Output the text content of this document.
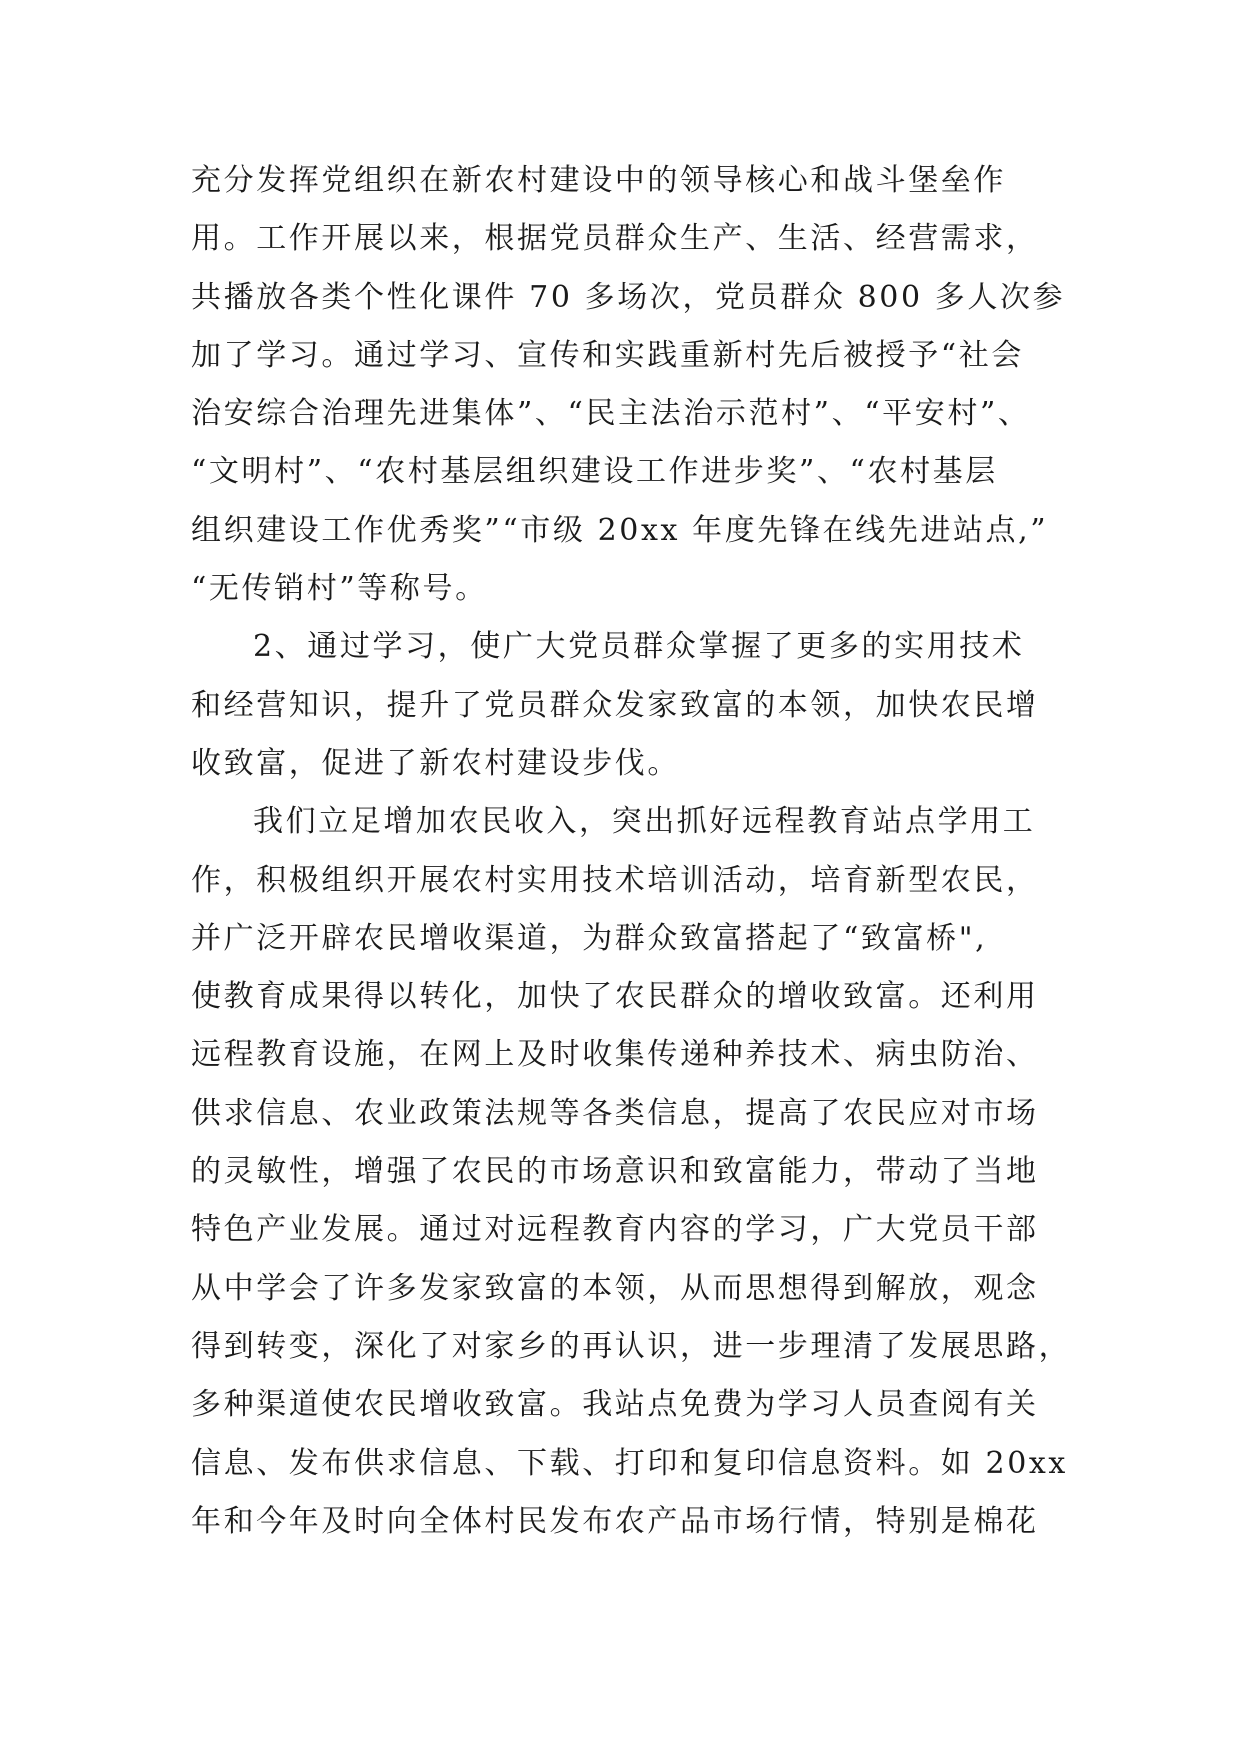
充分发挥党组织在新农村建设中的领导核心和战斗堡垒作
用。工作开展以来，根据党员群众生产、生活、经营需求，
共播放各类个性化课件 70 多场次，党员群众 800 多人次参
加了学习。通过学习、宣传和实践重新村先后被授予“社会
治安综合治理先进集体”、“民主法治示范村”、“平安村”、
“文明村”、“农村基层组织建设工作进步奖”、“农村基层
组织建设工作优秀奖”“市级 20xx 年度先锋在线先进站点,”
“无传销村”等称号。
2、通过学习，使广大党员群众掌握了更多的实用技术
和经营知识，提升了党员群众发家致富的本领，加快农民增
收致富，促进了新农村建设步伐。
我们立足增加农民收入，突出抓好远程教育站点学用工
作，积极组织开展农村实用技术培训活动，培育新型农民，
并广泛开辟农民增收渠道，为群众致富搭起了“致富桥",
使教育成果得以转化，加快了农民群众的增收致富。还利用
远程教育设施，在网上及时收集传递种养技术、病虫防治、
供求信息、农业政策法规等各类信息，提高了农民应对市场
的灵敏性，增强了农民的市场意识和致富能力，带动了当地
特色产业发展。通过对远程教育内容的学习，广大党员干部
从中学会了许多发家致富的本领，从而思想得到解放，观念
得到转变，深化了对家乡的再认识，进一步理清了发展思路，
多种渠道使农民增收致富。我站点免费为学习人员查阅有关
信息、发布供求信息、下载、打印和复印信息资料。如 20xx
年和今年及时向全体村民发布农产品市场行情，特别是棉花
